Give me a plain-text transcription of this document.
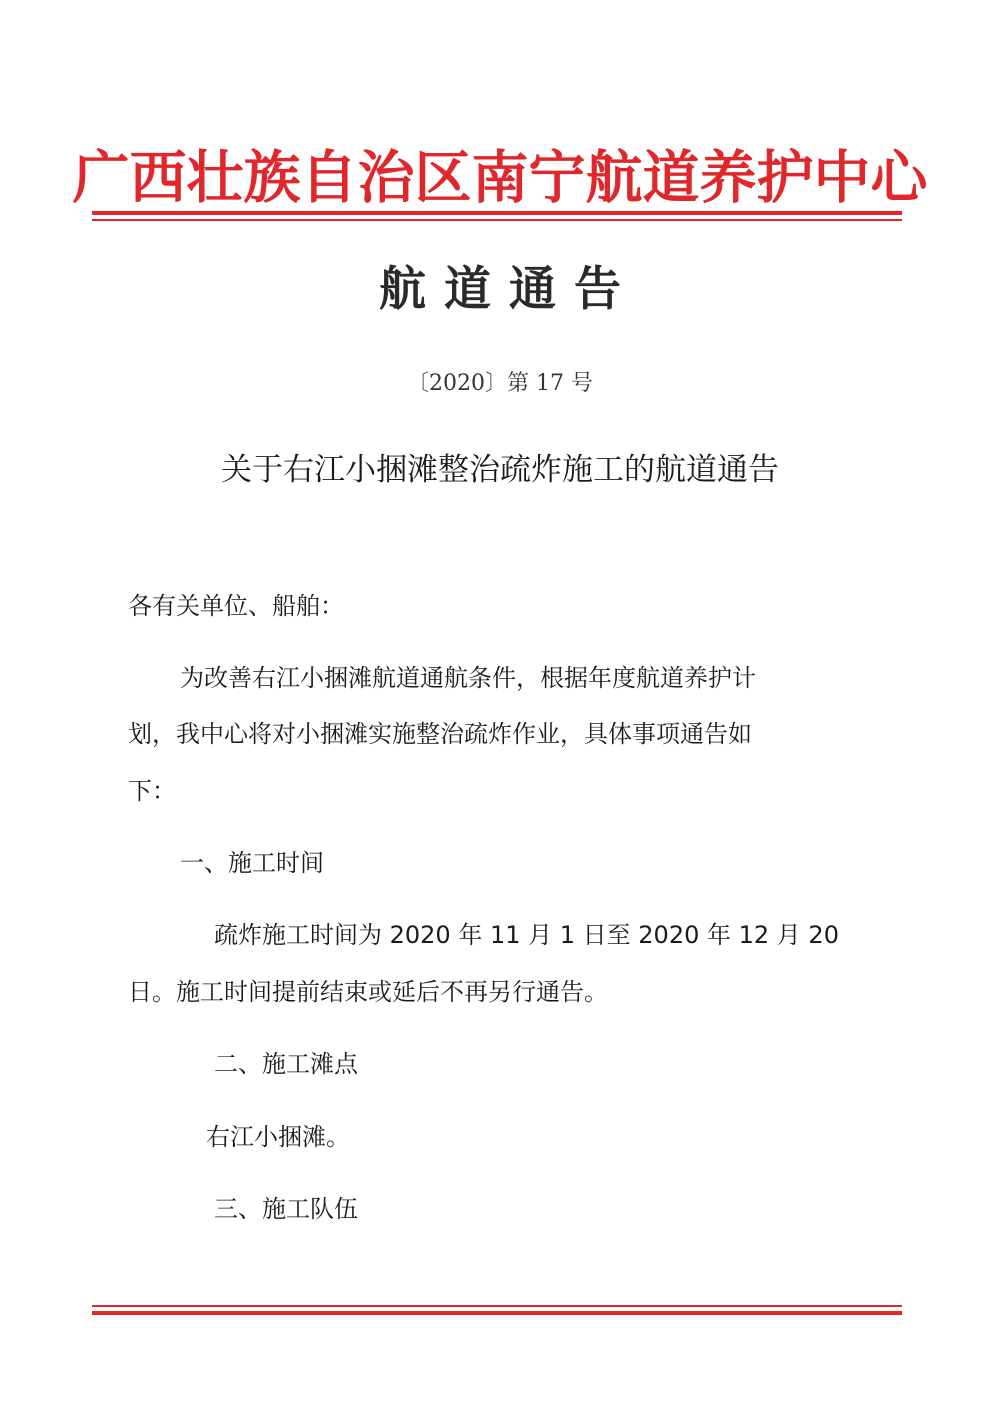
广西壮族自治区南宁航道养护中心
航道通告
〔2020〕第 17 号
关于右江小捆滩整治疏炸施工的航道通告
各有关单位、船舶：
为改善右江小捆滩航道通航条件，根据年度航道养护计
划，我中心将对小捆滩实施整治疏炸作业，具体事项通告如
下：
一、施工时间
疏炸施工时间为 2020 年 11 月 1 日至 2020 年 12 月 20
日。施工时间提前结束或延后不再另行通告。
二、施工滩点
右江小捆滩。
三、施工队伍
